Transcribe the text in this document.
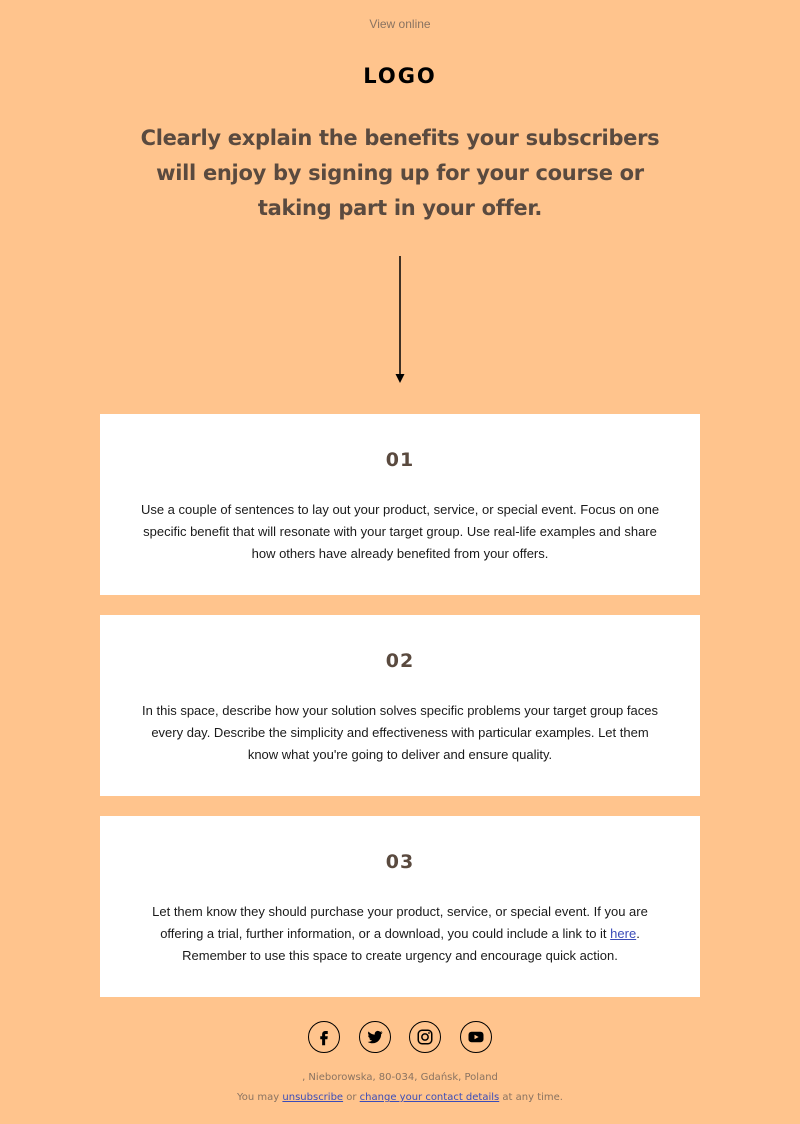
View online
LOGO
Clearly explain the benefits your subscribers will enjoy by signing up for your course or taking part in your offer.
01
Use a couple of sentences to lay out your product, service, or special event. Focus on one specific benefit that will resonate with your target group. Use real-life examples and share how others have already benefited from your offers.
02
In this space, describe how your solution solves specific problems your target group faces every day. Describe the simplicity and effectiveness with particular examples. Let them know what you're going to deliver and ensure quality.
03
Let them know they should purchase your product, service, or special event. If you are offering a trial, further information, or a download, you could include a link to it here. Remember to use this space to create urgency and encourage quick action.
, Nieborowska, 80-034, Gdańsk, Poland
You may unsubscribe or change your contact details at any time.
